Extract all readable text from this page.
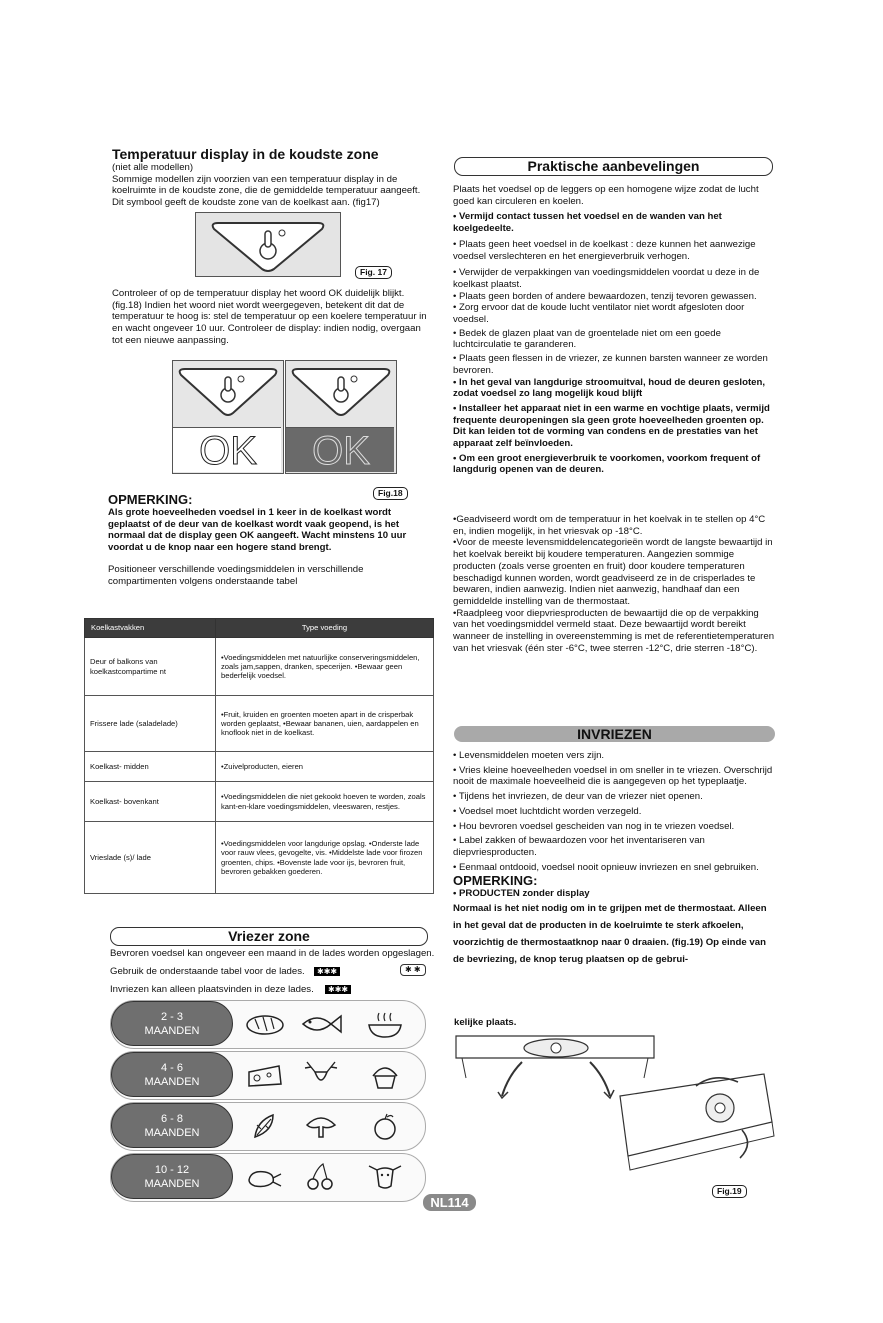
Temperatuur display in de koudste zone

(niet alle modellen)

Sommige modellen zijn voorzien van een temperatuur display in de koelruimte in de koudste zone, die de gemiddelde temperatuur aangeeft. Dit symbool geeft de koudste zone van de koelkast aan. (fig17)

Fig. 17

Controleer of op de temperatuur display het woord OK duidelijk blijkt. (fig.18) Indien het woord niet wordt weergegeven, betekent dit dat de temperatuur te hoog is: stel de temperatuur op een koelere temperatuur in en wacht ongeveer 10 uur. Controleer de display: indien nodig, overgaan tot een nieuwe aanpassing.

OK	OK
Fig.18
OPMERKING:

Als grote hoeveelheden voedsel in 1 keer in de koelkast wordt geplaatst of de deur van de koelkast wordt vaak geopend, is het normaal dat de display geen OK aangeeft. Wacht minstens 10 uur voordat u de knop naar een hogere stand brengt.

Positioneer verschillende voedingsmiddelen in verschillende compartimenten volgens onderstaande tabel

Koelkastvakken	Type voeding
Deur of balkons van koelkastcompartime nt	•Voedingsmiddelen met natuurlijke conserveringsmiddelen, zoals jam,sappen, dranken, specerijen. •Bewaar geen bederfelijk voedsel.
Frissere lade (saladelade)	•Fruit, kruiden en groenten moeten apart in de crisperbak worden geplaatst, •Bewaar bananen, uien, aardappelen en knoflook niet in de koelkast.
Koelkast- midden	•Zuivelproducten, eieren
Koelkast- bovenkant	•Voedingsmiddelen die niet gekookt hoeven te worden, zoals kant-en-klare voedingsmiddelen, vleeswaren, restjes.
Vrieslade (s)/ lade	•Voedingsmiddelen voor langdurige opslag. •Onderste lade voor rauw vlees, gevogelte, vis. •Middelste lade voor firozen groenten, chips. •Bovenste lade voor ijs, bevroren fruit, bevroren gebakken goederen.
Vriezer zone

Bevroren voedsel kan ongeveer een maand in de lades worden opgeslagen.

Gebruik de onderstaande tabel voor de lades.	✱✱✱	✱ ✱

Invriezen kan alleen plaatsvinden in deze lades.	✱✱✱
2 - 3
MAANDEN
4 - 6
MAANDEN
6 - 8
MAANDEN
10 - 12
MAANDEN
Praktische aanbevelingen

Plaats het voedsel op de leggers op een homogene wijze zodat de lucht goed kan circuleren en koelen.

• Vermijd contact tussen het voedsel en de wanden van het koelgedeelte.

• Plaats geen heet voedsel in de koelkast : deze kunnen het aanwezige voedsel verslechteren en het energieverbruik verhogen.

• Verwijder de verpakkingen van voedingsmiddelen voordat u deze in de koelkast plaatst.

• Plaats geen borden of andere bewaardozen, tenzij tevoren gewassen.

• Zorg ervoor dat de koude lucht ventilator niet wordt afgesloten door voedsel.

• Bedek de glazen plaat van de groentelade niet om een goede luchtcirculatie te garanderen.

• Plaats geen flessen in de vriezer, ze kunnen barsten wanneer ze worden bevroren.

• In het geval van langdurige stroomuitval, houd de deuren gesloten, zodat voedsel zo lang mogelijk koud blijft

• Installeer het apparaat niet in een warme en vochtige plaats, vermijd frequente deuropeningen sla geen grote hoeveelheden groenten op. Dit kan leiden tot de vorming van condens en de prestaties van het apparaat zelf beïnvloeden.

• Om een groot energieverbruik te voorkomen, voorkom frequent of langdurig openen van de deuren.

•Geadviseerd wordt om de temperatuur in het koelvak in te stellen op 4°C en, indien mogelijk, in het vriesvak op -18°C.

•Voor de meeste levensmiddelencategorieën wordt de langste bewaartijd in het koelvak bereikt bij koudere temperaturen. Aangezien sommige producten (zoals verse groenten en fruit) door koudere temperaturen beschadigd kunnen worden, wordt geadviseerd ze in de crisperlades te bewaren, indien aanwezig. Indien niet aanwezig, handhaaf dan een gemiddelde instelling van de thermostaat.

•Raadpleeg voor diepvriesproducten de bewaartijd die op de verpakking van het voedingsmiddel vermeld staat. Deze bewaartijd wordt bereikt wanneer de instelling in overeenstemming is met de referentietemperaturen van het vriesvak (één ster -6°C, twee sterren -12°C, drie sterren -18°C).

INVRIEZEN

• Levensmiddelen moeten vers zijn.

• Vries kleine hoeveelheden voedsel in om sneller in te vriezen. Overschrijd nooit de maximale hoeveelheid die is aangegeven op het typeplaatje.

• Tijdens het invriezen, de deur van de vriezer niet openen.

• Voedsel moet luchtdicht worden verzegeld.

• Hou bevroren voedsel gescheiden van nog in te vriezen voedsel.

• Label zakken of bewaardozen voor het inventariseren van diepvriesproducten.

• Eenmaal ontdooid, voedsel nooit opnieuw invriezen en snel gebruiken.

OPMERKING:

• PRODUCTEN zonder display

Normaal is het niet nodig om in te grijpen met de thermostaat. Alleen in het geval dat de producten in de koelruimte te sterk afkoelen, voorzichtig de thermostaatknop naar 0 draaien. (fig.19) Op einde van de bevriezing, de knop terug plaatsen op de gebrui-

kelijke plaats.

Fig.19
NL114
